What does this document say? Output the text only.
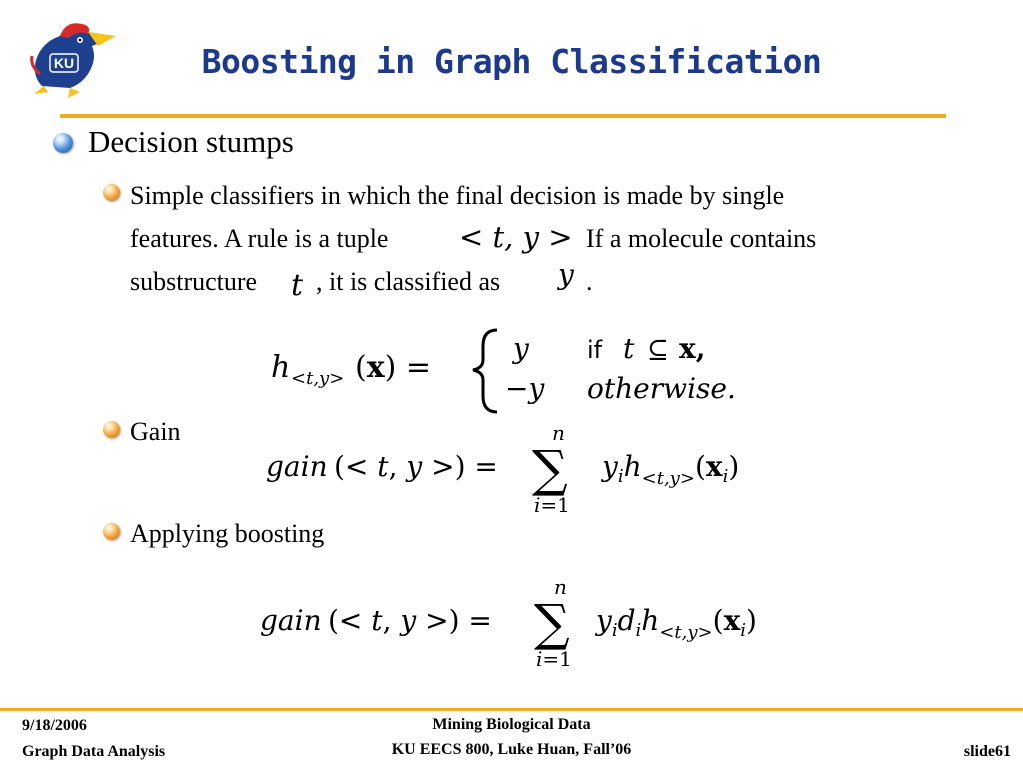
KU	Boosting in Graph Classification
Decision stumps
Simple classifiers in which the final decision is made by single
features. A rule is a tuple < t, y > If a molecule contains
substructure t , it is classified as y .
h <t,y> (x) =
y if t ⊆ x,
−y otherwise.
Gain
gain (< t, y >) =
n
∑
i=1
$y_ih_{<t,y>}(x_i)$
Applying boosting
gain (< t, y >) =
n
∑
i=1
$y_id_ih_{<t,y>}(x_i)$
9/18/2006
Graph Data Analysis
Mining Biological Data
KU EECS 800, Luke Huan, Fall’06	slide61
